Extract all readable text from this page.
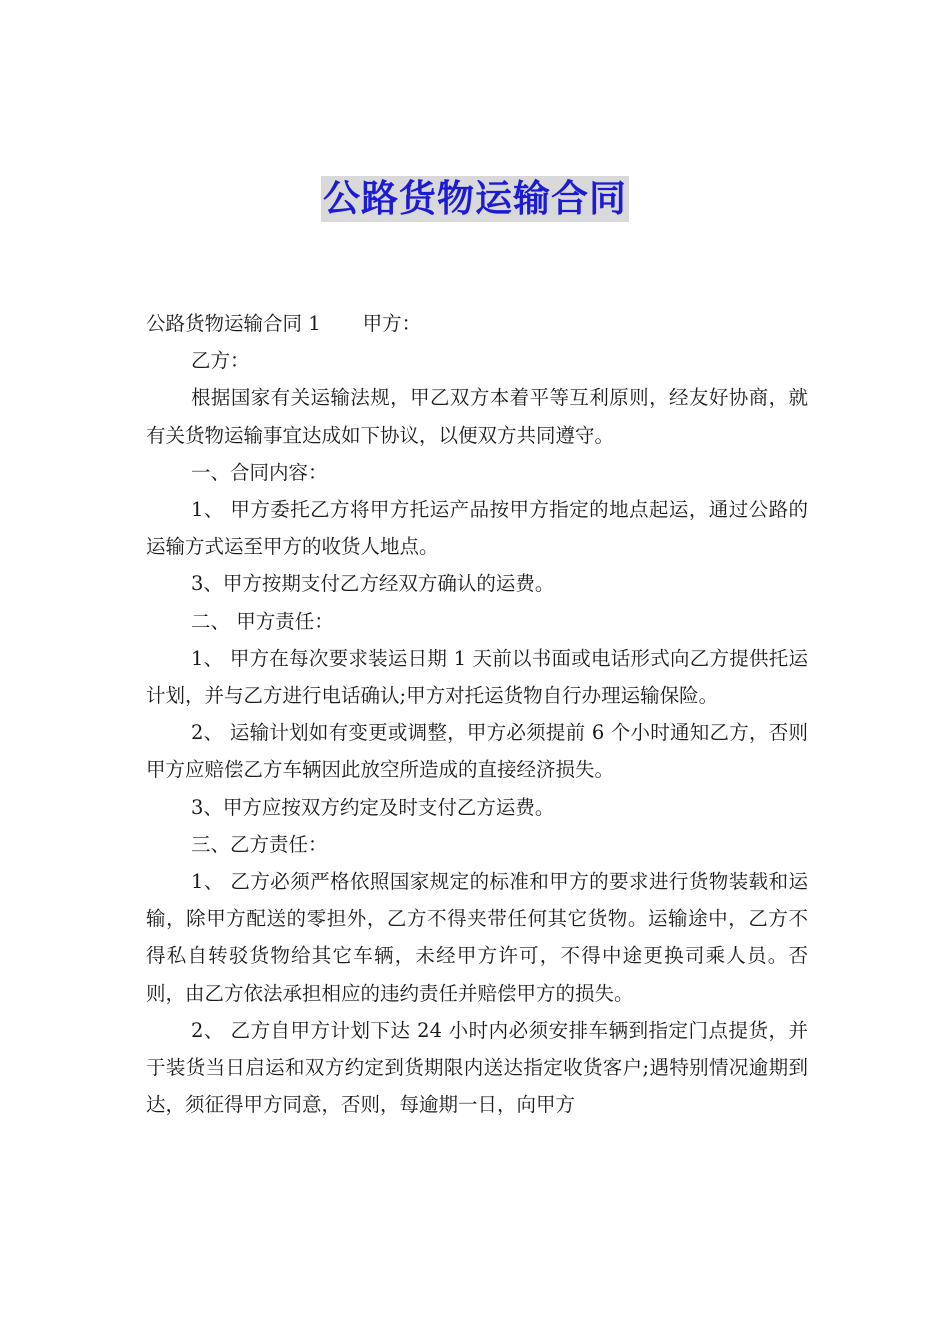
公路货物运输合同

公路货物运输合同 1 甲方：

乙方：

根据国家有关运输法规，甲乙双方本着平等互利原则，经友好协商，就有关货物运输事宜达成如下协议，以便双方共同遵守。

一、合同内容：

1、 甲方委托乙方将甲方托运产品按甲方指定的地点起运，通过公路的运输方式运至甲方的收货人地点。

3、甲方按期支付乙方经双方确认的运费。

二、 甲方责任：

1、 甲方在每次要求装运日期 1 天前以书面或电话形式向乙方提供托运计划，并与乙方进行电话确认;甲方对托运货物自行办理运输保险。

2、 运输计划如有变更或调整，甲方必须提前 6 个小时通知乙方，否则甲方应赔偿乙方车辆因此放空所造成的直接经济损失。

3、甲方应按双方约定及时支付乙方运费。

三、乙方责任：

1、 乙方必须严格依照国家规定的标准和甲方的要求进行货物装载和运输，除甲方配送的零担外，乙方不得夹带任何其它货物。运输途中，乙方不得私自转驳货物给其它车辆，未经甲方许可，不得中途更换司乘人员。否则，由乙方依法承担相应的违约责任并赔偿甲方的损失。

2、 乙方自甲方计划下达 24 小时内必须安排车辆到指定门点提货，并于装货当日启运和双方约定到货期限内送达指定收货客户;遇特别情况逾期到达，须征得甲方同意，否则，每逾期一日，向甲方
